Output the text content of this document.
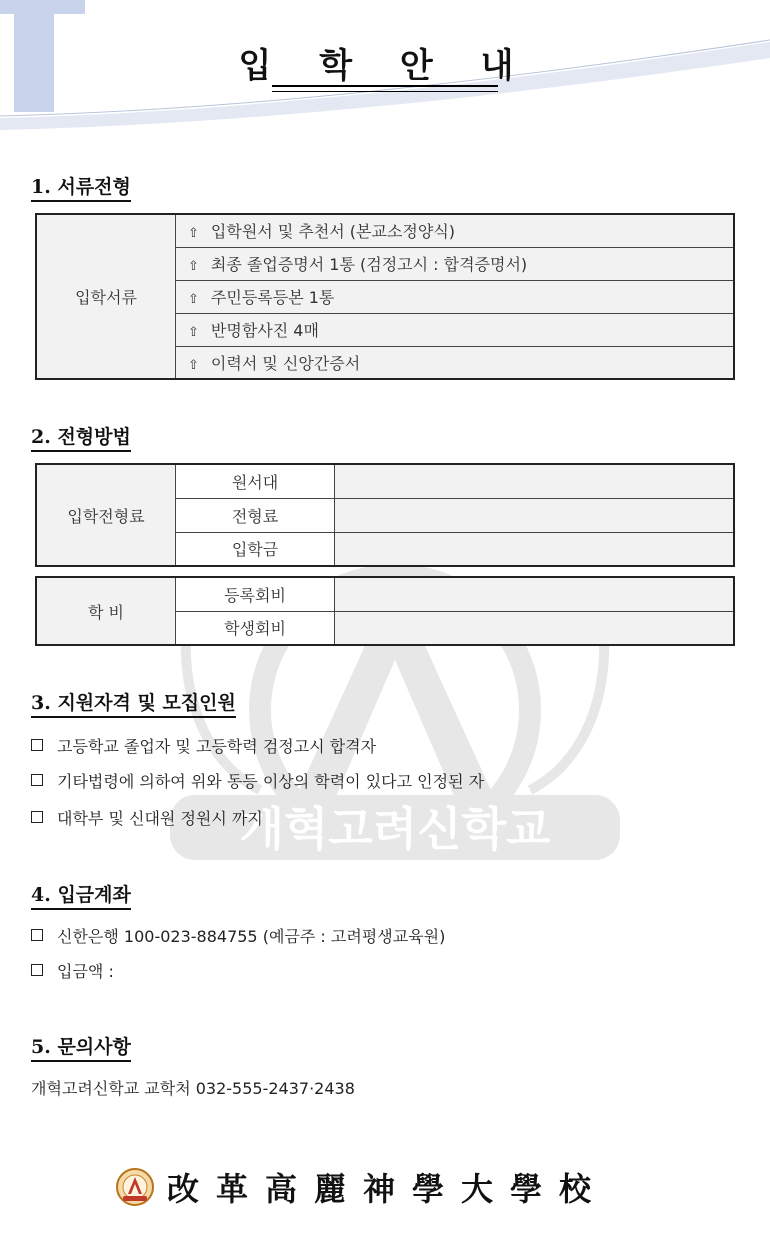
입 학 안 내
개혁고려신학교
1. 서류전형
입학서류	⇧ 입학원서 및 추천서 (본교소정양식)
⇧ 최종 졸업증명서 1통 (검정고시 : 합격증명서)
⇧ 주민등록등본 1통
⇧ 반명함사진 4매
⇧ 이력서 및 신앙간증서
2. 전형방법
입학전형료	원서대	
	전형료	
	입학금	
학 비	등록회비	
	학생회비	
3. 지원자격 및 모집인원
고등학교 졸업자 및 고등학력 검정고시 합격자
기타법령에 의하여 위와 동등 이상의 학력이 있다고 인정된 자
대학부 및 신대원 정원시 까지
4. 입금계좌
신한은행 100-023-884755 (예금주 : 고려평생교육원)
입금액 :
5. 문의사항
개혁고려신학교 교학처 032-555-2437·2438
改革高麗神學大學校
